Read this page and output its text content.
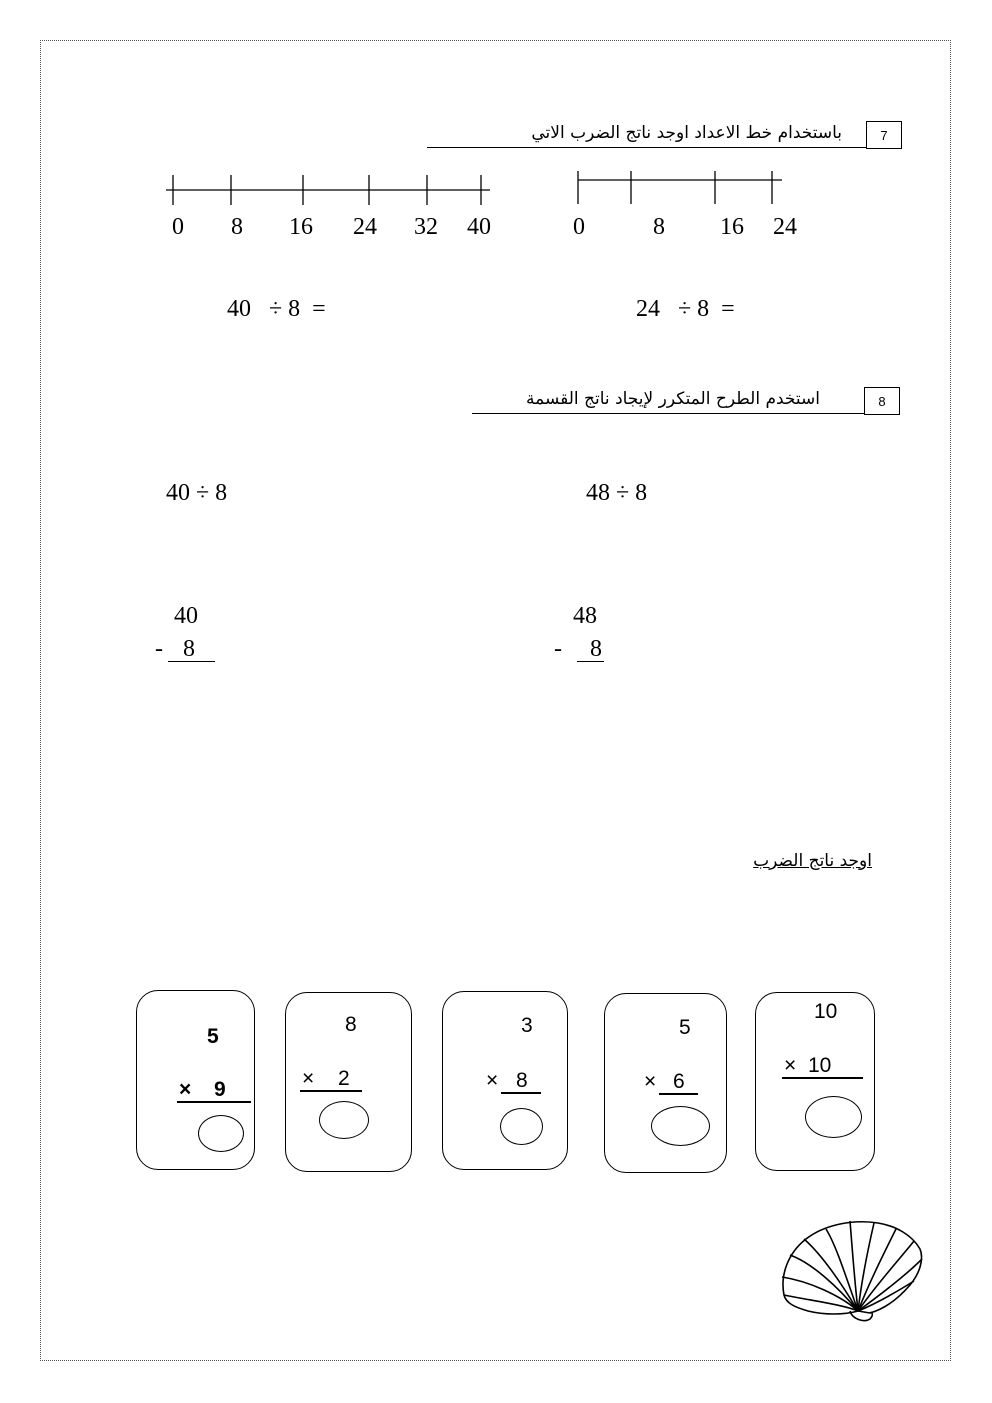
7
باستخدام خط الاعداد اوجد ناتج الضرب الاتي
0 8 16 24 32 40	0	8 16 24
40   ÷ 8  =	24   ÷ 8  =
8
استخدم الطرح المتكرر لإيجاد ناتج القسمة
40 ÷ 8	48 ÷ 8
40
- 8
48
- 8
اوجد ناتج الضرب
5
× 9
8
× 2
3
× 8
5
× 6
10
× 10
